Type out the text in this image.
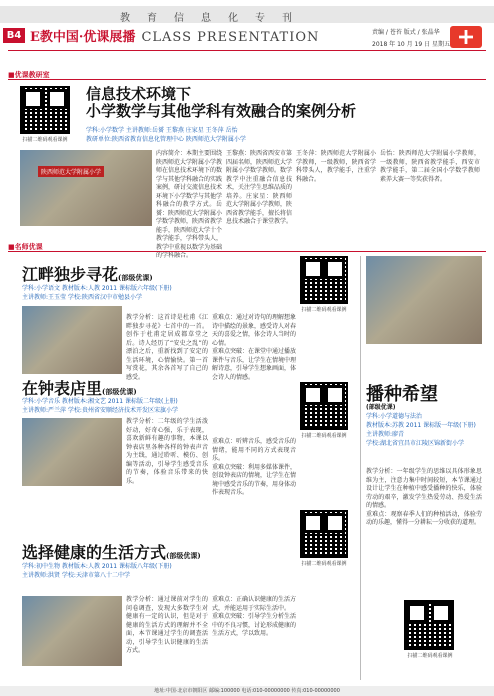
教育信息化专刊
B4 E教中国·优课展播 CLASS PRESENTATION	责编 / 苍苔 版式 / 张晶华
2018 年 10 月 19 日 星期五
■优课教研室
扫描二维码观看课例
信息技术环境下
小学数学与其他学科有效融合的案例分析
学科:小学数学 主讲教师:岳赟 王黎燕 庄家星 王冬萍 岳怡
教研单位:陕西省教育信息化管理中心 陕西师范大学附属小学
陕西师范大学附属小学
内容简介：本期主要围绕陕西师范大学附属小学教师在信息技术环境下的数学与其他学科融合的实践案例，研讨交流信息技术环境下小学数学与其他学科融合的教学方式。岳赟：陕西师范大学附属小学数学教师，陕西省教学能手，陕西师范大学十个教学能手，学科带头人，教学中重视以数学为基础的学科融合。
王黎燕：陕西省西安市第四届名师，陕西师范大学附属小学数学教师。数学教学中注重融合信息技术，关注学生思维品质的培养。庄家星：陕西师范大学附属小学教师，陕西省教学能手，擅长将信息技术融合于课堂教学。
王冬萍：陕西师范大学附属小学教师，一级教师，陕西省学科带头人，教学能手，注重学科融合。
岳怡：陕西师范大学附属小学教师，一级教师，陕西省教学能手，西安市教学能手，第二届全国小学数学教师素养大赛一等奖获得者。
■名师优课
江畔独步寻花(部级优课)
学科:小学语文 教材版本:人教 2011 课标版六年级(下册)
主讲教师:王玉莹 学校:陕西省汉中市勉县小学
扫描二维码观看课例
教学分析：这首诗是杜甫《江畔独步寻花》七首中的一首。创作于杜甫定居成都草堂之后。诗人经历了“安史之乱”的漂泊之后，重新找到了安定的生活环境，心情愉快。第一首写赏花，其余各首写了自己的感受。
重难点：通过对诗句的理解想象诗中描绘的景象，感受诗人对春天的喜爱之情，体会诗人当时的心情。
重难点突破：在课堂中通过播放课件与音乐，让学生在情境中理解诗意，引导学生想象画面，体会诗人的情感。
在钟表店里(部级优课)
学科:小学音乐 教材版本:湘文艺 2011 课标版二年级(上册)
主讲教师:严兰萍 学校:贵州省安顺经济技术开发区宋旗小学
扫描二维码观看课例
教学分析：二年级的学生活泼好动，好奇心强，乐于表现，喜欢新鲜有趣的事物，本课以钟表店里各种各样的钟表声音为主线，通过聆听、模仿、创编等活动，引导学生感受音乐的节奏，体验音乐带来的快乐。
重难点：听辨音乐，感受音乐的情绪，能用不同的方式表现音乐。
重难点突破：利用多媒体课件，创设钟表店的情境，让学生在情境中感受音乐的节奏，用身体动作表现音乐。
选择健康的生活方式(部级优课)
学科:初中生物 教材版本:人教 2011 课标版八年级(下册)
主讲教师:洪贤 学校:天津市第八十二中学
扫描二维码观看课例
教学分析：通过课前对学生的问卷调查，发现大多数学生对健康有一定的认识，但是对于健康的生活方式的理解并不全面，本节课通过学生的调查活动，引导学生认识健康的生活方式。
重难点：正确认识健康的生活方式，并能运用于实际生活中。
重难点突破：引导学生分析生活中的不良习惯，讨论形成健康的生活方式，学以致用。
播种希望
(部级优课)
学科:小学道德与法治
教材版本:苏教 2011 课标版一年级(下册)
主讲教师:廖青
学校:湖北省宜昌市江陵区锦新街小学
教学分析：一年级学生的思维以具体形象思维为主，注意力集中时间较短，本节课通过设计让学生在种植中感受播种的快乐，体验劳动的艰辛，激发学生热爱劳动、热爱生活的情感。
重难点：观察春季人们的种植活动，体验劳动的乐趣，懂得一分耕耘一分收获的道理。
扫描二维码观看课例
地址:中国·北京市朝阳区 邮编:100000 电话:010-00000000 传真:010-00000000
